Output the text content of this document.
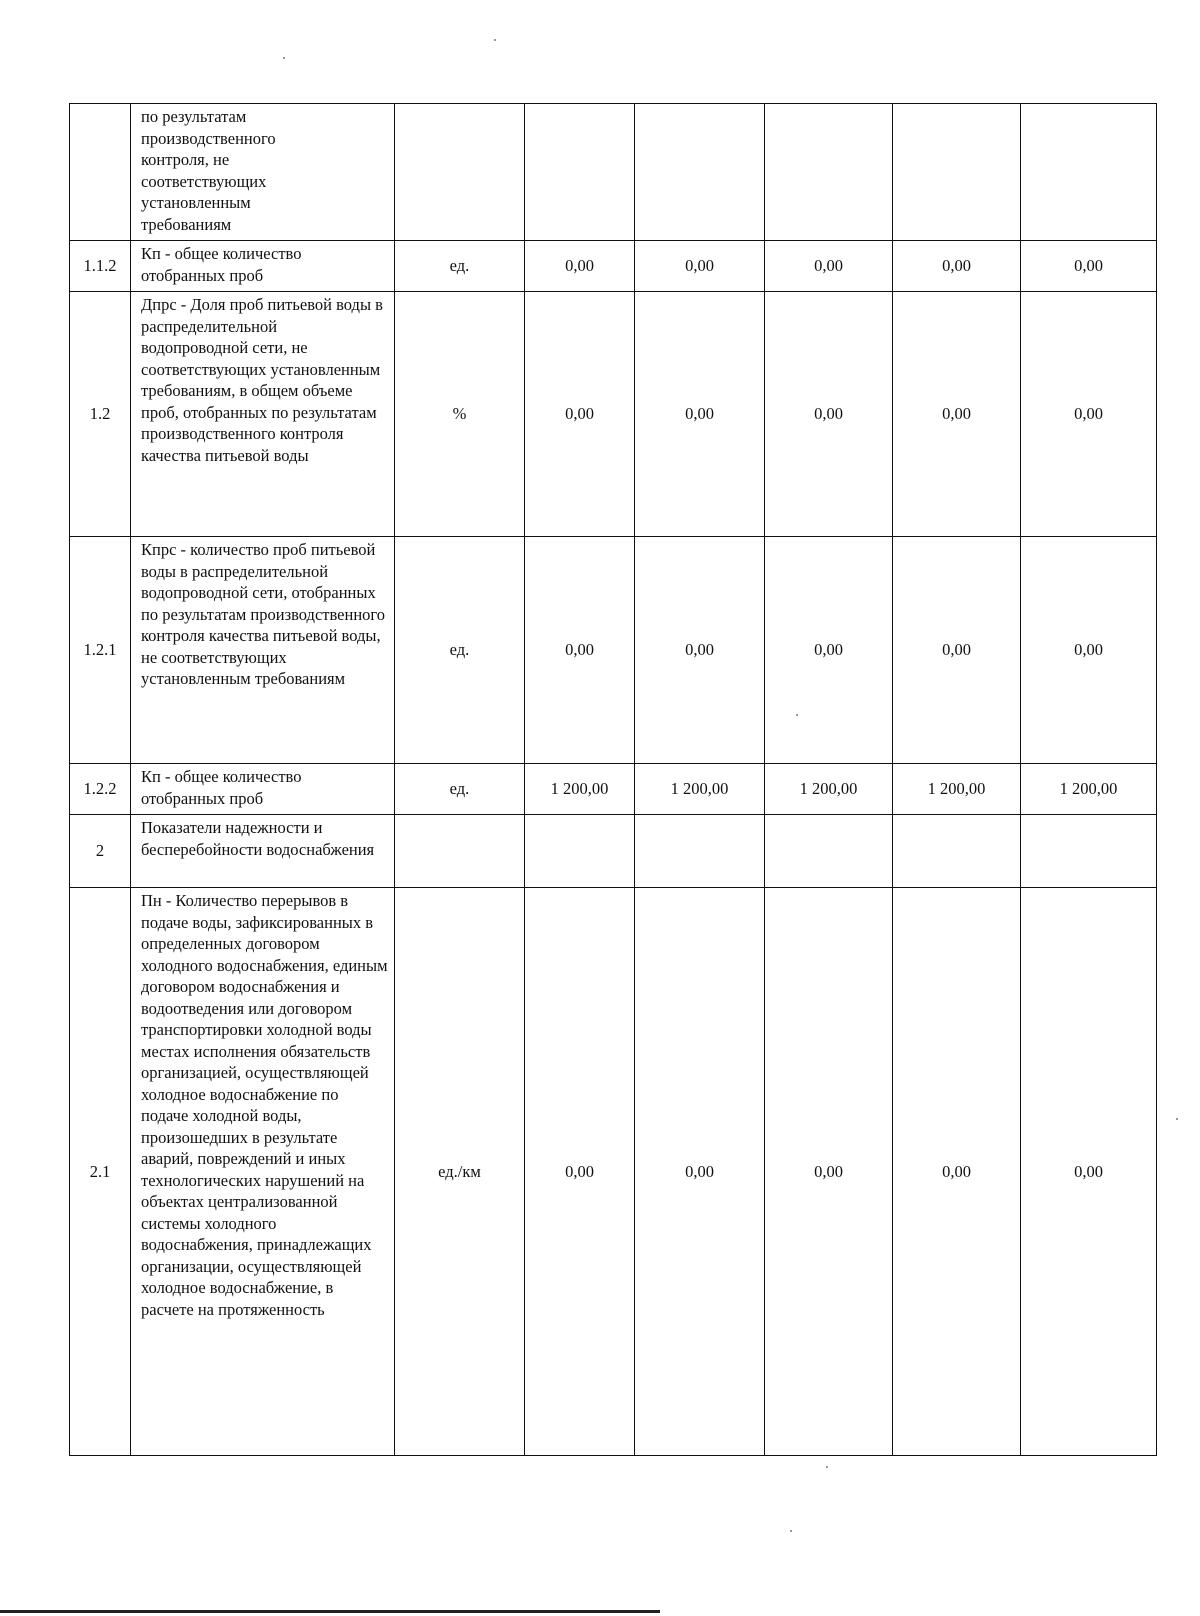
	по результатам производственного контроля, не соответствующих установленным требованиям						

1.1.2	Кп - общее количество отобранных проб	ед.	0,00	0,00	0,00	0,00	0,00
1.2	Дпрс - Доля проб питьевой воды в распределительной водопроводной сети, не соответствующих установленным требованиям, в общем объеме проб, отобранных по результатам производственного контроля качества питьевой воды	%	0,00	0,00	0,00	0,00	0,00
1.2.1	Кпрс - количество проб питьевой воды в распределительной водопроводной сети, отобранных по результатам производственного контроля качества питьевой воды, не соответствующих установленным требованиям	ед.	0,00	0,00	0,00	0,00	0,00
1.2.2	Кп - общее количество отобранных проб	ед.	1 200,00	1 200,00	1 200,00	1 200,00	1 200,00
2	Показатели надежности и бесперебойности водоснабжения						

2.1	Пн - Количество перерывов в подаче воды, зафиксированных в определенных договором холодного водоснабжения, единым договором водоснабжения и водоотведения или договором транспортировки холодной воды местах исполнения обязательств организацией, осуществляющей холодное водоснабжение по подаче холодной воды, произошедших в результате аварий, повреждений и иных технологических нарушений на объектах централизованной системы холодного водоснабжения, принадлежащих организации, осуществляющей холодное водоснабжение, в расчете на протяженность	ед./км	0,00	0,00	0,00	0,00	0,00
